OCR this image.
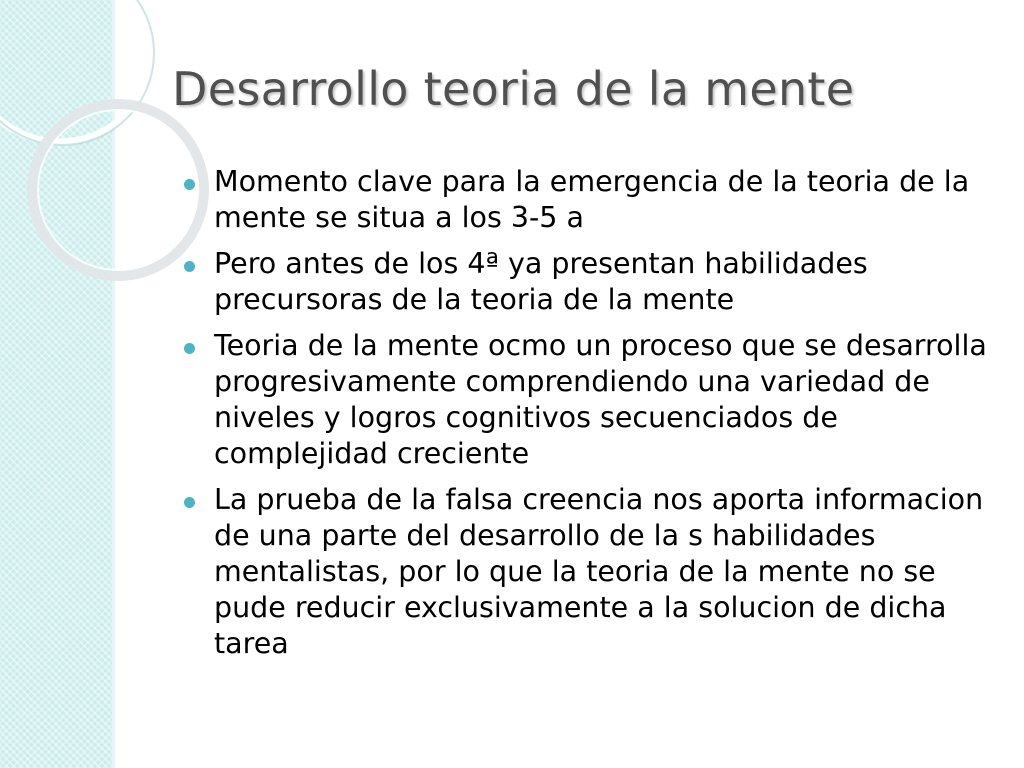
Desarrollo teoria de la mente
Momento clave para la emergencia de la teoria de la mente se situa a los 3-5 a
Pero antes de los 4ª ya presentan habilidades precursoras de la teoria de la mente
Teoria de la mente ocmo un proceso que se desarrolla progresivamente comprendiendo una variedad de niveles y logros cognitivos secuenciados de complejidad creciente
La prueba de la falsa creencia nos aporta informacion de una parte del desarrollo de la s habilidades mentalistas, por lo que la teoria de la mente no se pude reducir exclusivamente a la solucion de dicha tarea
